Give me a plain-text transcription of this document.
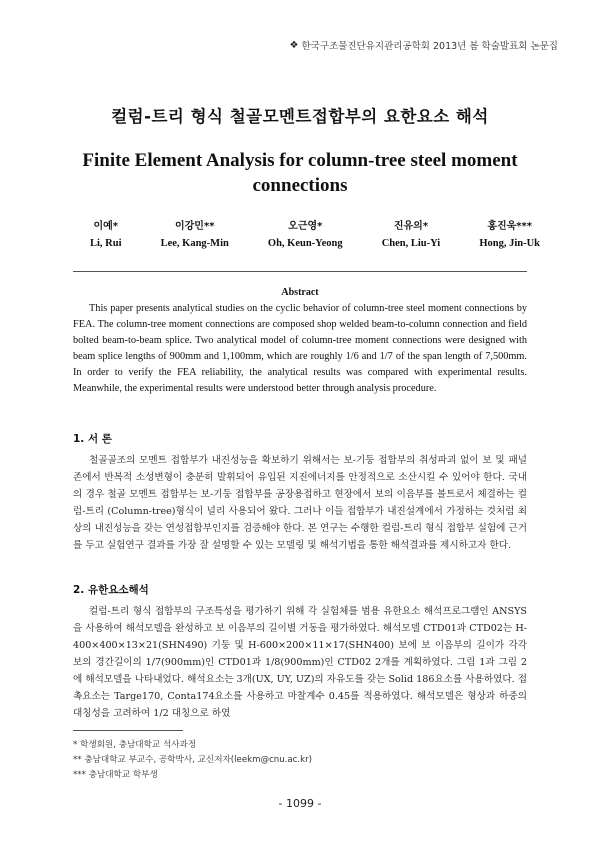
❖ 한국구조물진단유지관리공학회 2013년 봄 학술발표회 논문집
컬럼-트리 형식 철골모멘트접합부의 요한요소 해석
Finite Element Analysis for column-tree steel moment connections
이예*
Li, Rui
이강민**
Lee, Kang-Min
오근영*
Oh, Keun-Yeong
진유의*
Chen, Liu-Yi
홍진욱***
Hong, Jin-Uk
Abstract

This paper presents analytical studies on the cyclic behavior of column-tree steel moment connections by FEA. The column-tree moment connections are composed shop welded beam-to-column connection and field bolted beam-to-beam splice. Two analytical model of column-tree moment connections were designed with beam splice lengths of 900mm and 1,100mm, which are roughly 1/6 and 1/7 of the span length of 7,500mm. In order to verify the FEA reliability, the analytical results was compared with experimental results. Meanwhile, the experimental results were understood better through analysis procedure.

1. 서 론

철골골조의 모멘트 접합부가 내진성능을 확보하기 위해서는 보-기둥 접합부의 취성파괴 없이 보 및 패널존에서 반복적 소성변형이 충분히 발휘되어 유입된 지진에너지를 안정적으로 소산시킬 수 있어야 한다. 국내의 경우 철골 모멘트 접합부는 보-기둥 접합부를 공장용접하고 현장에서 보의 이음부를 볼트로서 체결하는 컬럼-트리 (Column-tree)형식이 널리 사용되어 왔다. 그러나 이들 접합부가 내진설계에서 가정하는 것처럼 최상의 내진성능을 갖는 연성접합부인지를 검증해야 한다. 본 연구는 수행한 컬럼-트리 형식 접합부 실험에 근거를 두고 실험연구 결과를 가장 잘 설명할 수 있는 모델링 및 해석기법을 통한 해석결과를 제시하고자 한다.

2. 유한요소해석

컬럼-트리 형식 접합부의 구조특성을 평가하기 위해 각 실험체를 범용 유한요소 해석프로그램인 ANSYS을 사용하여 해석모델을 완성하고 보 이음부의 길이별 거동을 평가하였다. 해석모델 CTD01과 CTD02는 H-400×400×13×21(SHN490) 기둥 및 H-600×200×11×17(SHN400) 보에 보 이음부의 길이가 각각 보의 경간길이의 1/7(900mm)인 CTD01과 1/8(900mm)인 CTD02 2개를 계획하였다. 그림 1과 그림 2에 해석모델을 나타내었다. 해석요소는 3개(UX, UY, UZ)의 자유도를 갖는 Solid 186요소를 사용하였다. 접촉요소는 Targe170, Conta174요소를 사용하고 마찰계수 0.45를 적용하였다. 해석모델은 형상과 하중의 대칭성을 고려하여 1/2 대칭으로 하였

* 학생회원, 충남대학교 석사과정
** 충남대학교 부교수, 공학박사, 교신저자(leekm@cnu.ac.kr)
*** 충남대학교 학부생
- 1099 -
